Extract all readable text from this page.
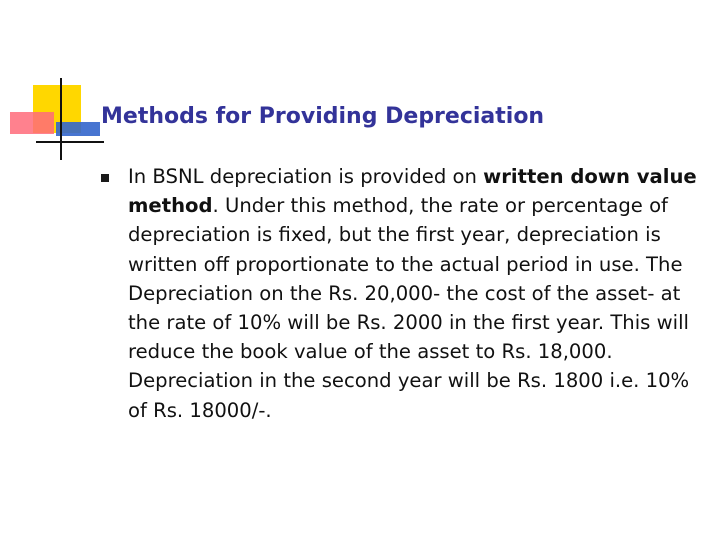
Methods for Providing Depreciation

In BSNL depreciation is provided on written down value method. Under this method, the rate or percentage of depreciation is fixed, but the first year, depreciation is written off proportionate to the actual period in use. The Depreciation on the Rs. 20,000- the cost of the asset- at the rate of 10% will be Rs. 2000 in the first year. This will reduce the book value of the asset to Rs. 18,000. Depreciation in the second year will be Rs. 1800 i.e. 10% of Rs. 18000/-.
